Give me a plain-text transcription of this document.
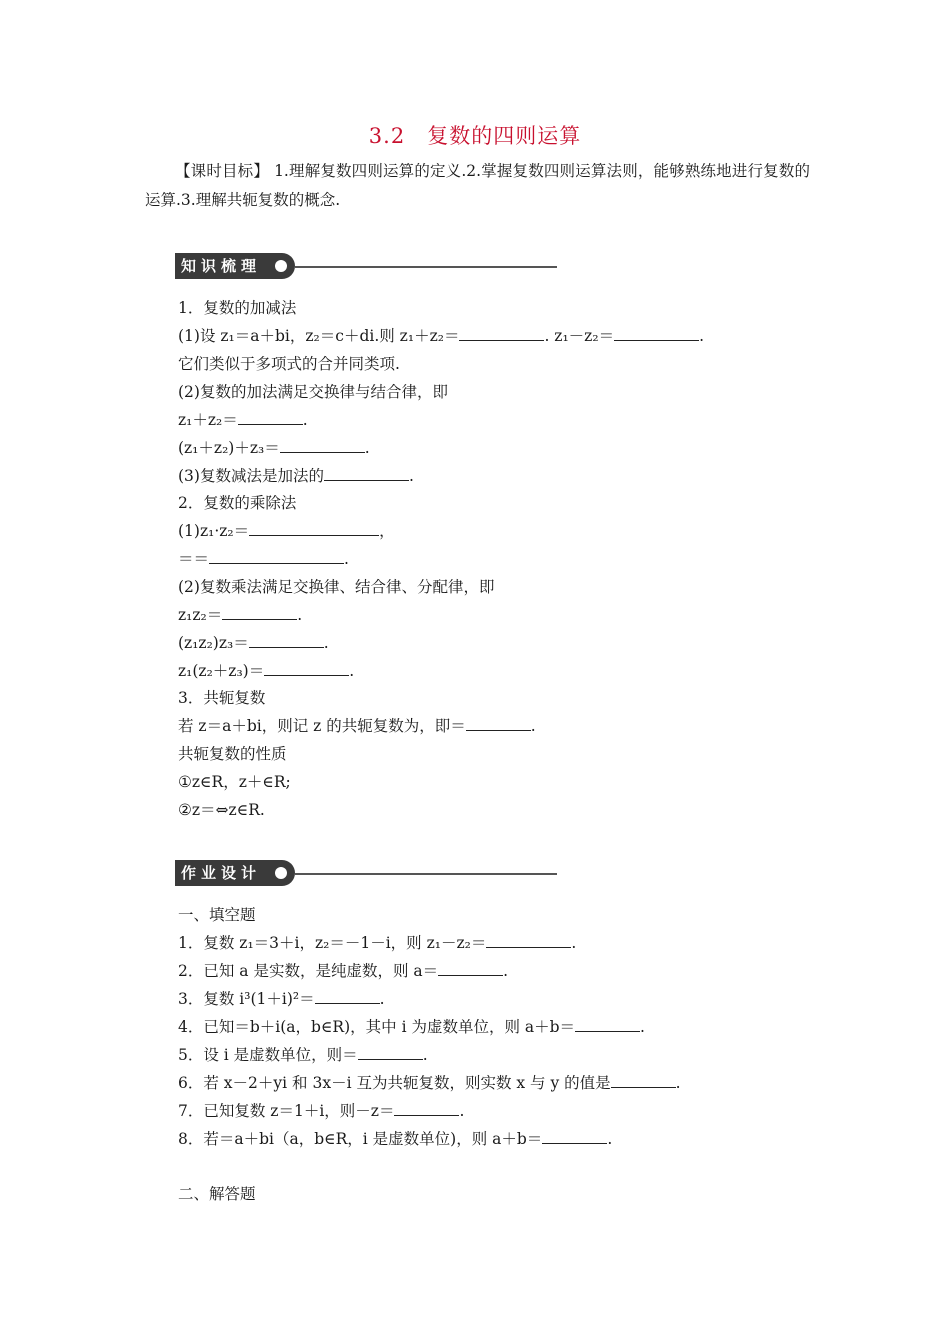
3.2 复数的四则运算
【课时目标】 1.理解复数四则运算的定义.2.掌握复数四则运算法则，能够熟练地进行复数的运算.3.理解共轭复数的概念.
知识梳理
1．复数的加减法
(1)设 z₁＝a＋bi，z₂＝c＋di.则 z₁＋z₂＝	. z₁－z₂＝	.
它们类似于多项式的合并同类项.
(2)复数的加法满足交换律与结合律，即
z₁＋z₂＝	.
(z₁＋z₂)＋z₃＝	.
(3)复数减法是加法的	.
2．复数的乘除法
(1)z₁·z₂＝	，
＝＝	.
(2)复数乘法满足交换律、结合律、分配律，即
z₁z₂＝	.
(z₁z₂)z₃＝	.
z₁(z₂＋z₃)＝	.
3．共轭复数
若 z＝a＋bi，则记 z 的共轭复数为，即＝	.
共轭复数的性质
①z∈R，z＋∈R;
②z＝⇔z∈R.
作业设计
一、填空题
1．复数 z₁＝3＋i，z₂＝－1－i，则 z₁－z₂＝	.
2．已知 a 是实数，是纯虚数，则 a＝	.
3．复数 i³(1＋i)²＝	.
4．已知＝b＋i(a，b∈R)，其中 i 为虚数单位，则 a＋b＝	.
5．设 i 是虚数单位，则＝	.
6．若 x－2＋yi 和 3x－i 互为共轭复数，则实数 x 与 y 的值是	.
7．已知复数 z＝1＋i，则－z＝	.
8．若＝a＋bi（a，b∈R，i 是虚数单位)，则 a＋b＝	.
二、解答题
